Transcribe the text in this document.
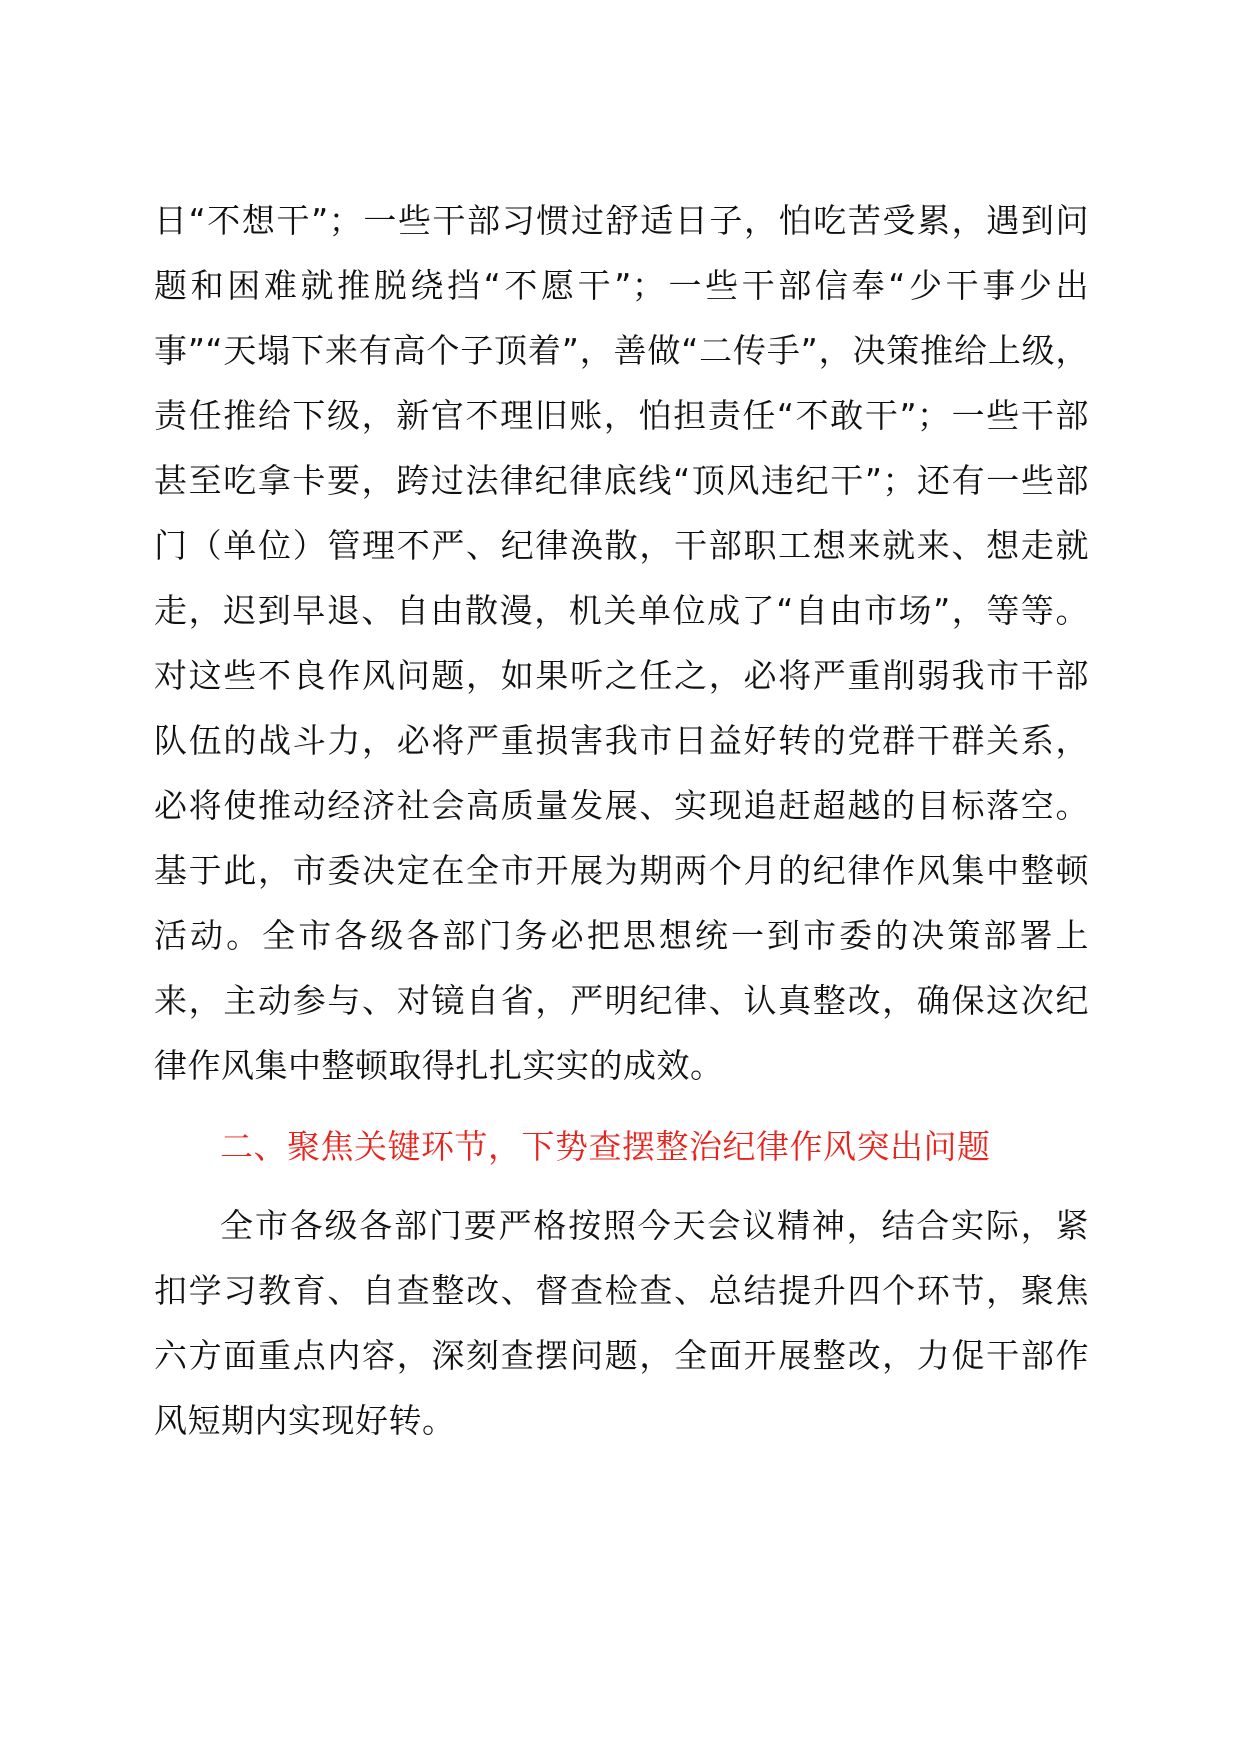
日“不想干”；一些干部习惯过舒适日子，怕吃苦受累，遇到问题和困难就推脱绕挡“不愿干”；一些干部信奉“少干事少出事”“天塌下来有高个子顶着”，善做“二传手”，决策推给上级，责任推给下级，新官不理旧账，怕担责任“不敢干”；一些干部甚至吃拿卡要，跨过法律纪律底线“顶风违纪干”；还有一些部门（单位）管理不严、纪律涣散，干部职工想来就来、想走就走，迟到早退、自由散漫，机关单位成了“自由市场”，等等。对这些不良作风问题，如果听之任之，必将严重削弱我市干部队伍的战斗力，必将严重损害我市日益好转的党群干群关系，必将使推动经济社会高质量发展、实现追赶超越的目标落空。基于此，市委决定在全市开展为期两个月的纪律作风集中整顿活动。全市各级各部门务必把思想统一到市委的决策部署上来，主动参与、对镜自省，严明纪律、认真整改，确保这次纪律作风集中整顿取得扎扎实实的成效。

二、聚焦关键环节，下势查摆整治纪律作风突出问题

全市各级各部门要严格按照今天会议精神，结合实际，紧扣学习教育、自查整改、督查检查、总结提升四个环节，聚焦六方面重点内容，深刻查摆问题，全面开展整改，力促干部作风短期内实现好转。
